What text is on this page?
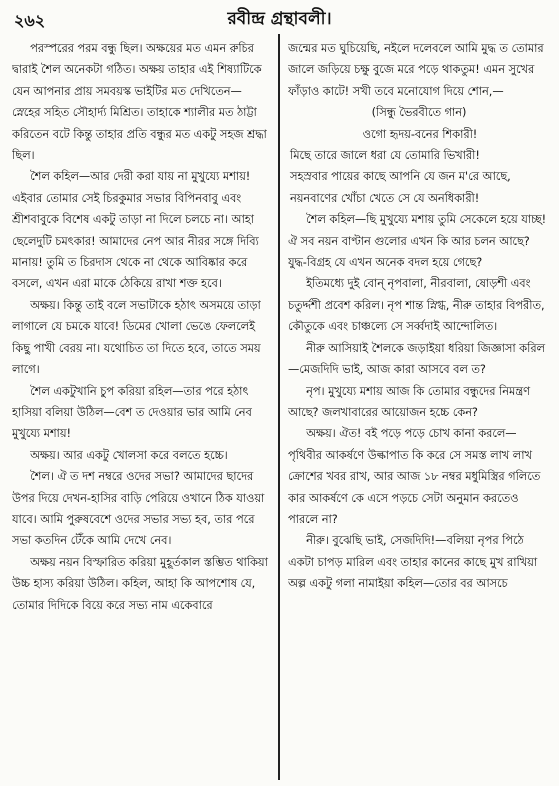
২৬২	রবীন্দ্র গ্রন্থাবলী।

পরস্পরের পরম বন্ধু ছিল। অক্ষয়ের মত এমন রুচির দ্বারাই শৈল অনেকটা গঠিত। অক্ষয় তাহার এই শিষ্যাটিকে যেন আপনার প্রায় সমবয়স্ক ভাইটির মত দেখিতেন—স্নেহের সহিত সৌহার্দ্য মিশ্রিত। তাহাকে শ্যালীর মত ঠাট্টা করিতেন বটে কিন্তু তাহার প্রতি বন্ধুর মত একটু সহজ শ্রদ্ধা ছিল।

শৈল কহিল—আর দেরী করা যায় না মুখুয্যে মশায়! এইবার তোমার সেই চিরকুমার সভার বিপিনবাবু এবং শ্রীশবাবুকে বিশেষ একটু তাড়া না দিলে চলচে না। আহা ছেলেদুটি চমৎকার! আমাদের নেপ আর নীরর সঙ্গে দিব্যি মানায়! তুমি ত চিরদাস থেকে না থেকে আবিষ্কার করে বসলে, এখন এরা মাকে ঠেকিয়ে রাখা শক্ত হবে।

অক্ষয়। কিন্তু তাই বলে সভাটাকে হঠাৎ অসময়ে তাড়া লাগালে যে চমকে যাবে! ডিমের খোলা ভেঙে ফেললেই কিছু পাখী বেরয় না। যথোচিত তা দিতে হবে, তাতে সময় লাগে।

শৈল একটুখানি চুপ করিয়া রহিল—তার পরে হঠাৎ হাসিয়া বলিয়া উঠিল—বেশ ত দেওয়ার ভার আমি নেব মুখুয্যে মশায়!

অক্ষয়। আর একটু খোলসা করে বলতে হচ্চে।

শৈল। ঐ ত দশ নম্বরে ওদের সভা? আমাদের ছাদের উপর দিয়ে দেখন-হাসির বাড়ি পেরিয়ে ওখানে ঠিক যাওয়া যাবে। আমি পুরুষবেশে ওদের সভার সভ্য হব, তার পরে সভা কতদিন টেঁকে আমি দেখে নেব।

অক্ষয় নয়ন বিস্ফারিত করিয়া মুহূর্তকাল স্তম্ভিত থাকিয়া উচ্চ হাস্য করিয়া উঠিল। কহিল, আহা কি আপশোষ যে, তোমার দিদিকে বিয়ে করে সভ্য নাম একেবারে

জন্মের মত ঘুচিয়েছি, নইলে দলেবলে আমি মুদ্ধ ত তোমার জালে জড়িয়ে চক্ষু বুজে মরে পড়ে থাকতুম! এমন সুখের ফাঁড়াও কাটে! সখী তবে মনোযোগ দিয়ে শোন,—

(সিন্ধু ভৈরবীতে গান)

ওগো হৃদয়-বনের শিকারী!

মিছে তারে জালে ধরা যে তোমারি ভিখারী!

সহস্রবার পায়ের কাছে আপনি যে জন ম'রে আছে,

নয়নবাণের খোঁচা খেতে সে যে অনধিকারী!

শৈল কহিল—ছি মুখুয্যে মশায় তুমি সেকেলে হয়ে যাচ্ছ! ঐ সব নয়ন বাণ্টান গুলোর এখন কি আর চলন আছে? যুদ্ধ-বিগ্রহ যে এখন অনেক বদল হয়ে গেছে?

ইতিমধ্যে দুই বোন্ নৃপবালা, নীরবালা, ষোড়শী এবং চতুর্দ্দশী প্রবেশ করিল। নৃপ শান্ত স্নিগ্ধ, নীরু তাহার বিপরীত, কৌতুকে এবং চাঞ্চল্যে সে সর্ব্বদাই আন্দোলিত।

নীরু আসিয়াই শৈলকে জড়াইয়া ধরিয়া জিজ্ঞাসা করিল—মেজদিদি ভাই, আজ কারা আসবে বল ত?

নৃপ। মুখুয্যে মশায় আজ কি তোমার বন্ধুদের নিমন্ত্রণ আছে? জলখাবারের আয়োজন হচ্চে কেন?

অক্ষয়। ঐত! বই পড়ে পড়ে চোখ কানা করলে—পৃথিবীর আকর্ষণে উল্কাপাত কি করে সে সমস্ত লাখ লাখ ক্রোশের খবর রাখ, আর আজ ১৮ নম্বর মধুমিস্ত্রির গলিতে কার আকর্ষণে কে এসে পড়চে সেটা অনুমান করতেও পারলে না?

নীরু। বুঝেছি ভাই, সেজদিদি!—বলিয়া নৃপর পিঠে একটা চাপড় মারিল এবং তাহার কানের কাছে মুখ রাখিয়া অল্প একটু গলা নামাইয়া কহিল—তোর বর আসচে
